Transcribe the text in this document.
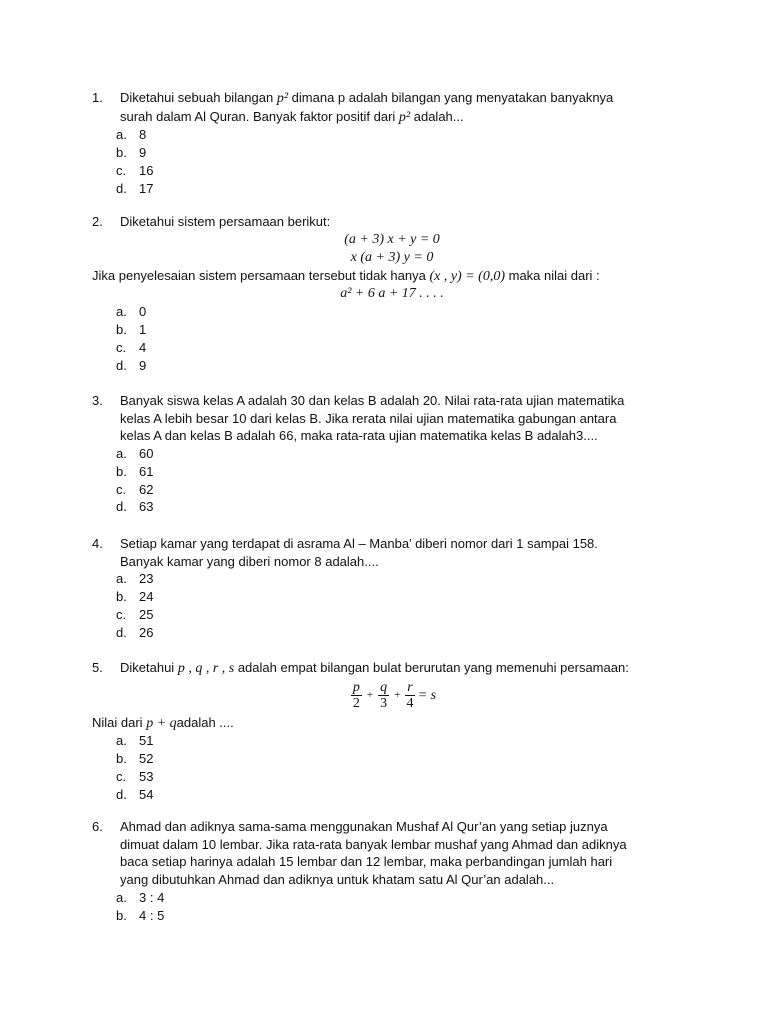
1.	Diketahui sebuah bilangan p² dimana p adalah bilangan yang menyatakan banyaknya
surah dalam Al Quran. Banyak faktor positif dari p² adalah...
a. 8
b. 9
c. 16
d. 17
2.	Diketahui sistem persamaan berikut:
(a + 3) x + y = 0
x (a + 3) y = 0
Jika penyelesaian sistem persamaan tersebut tidak hanya (x , y) = (0,0) maka nilai dari :
a² + 6 a + 17 . . . .
a. 0
b. 1
c. 4
d. 9
3.	Banyak siswa kelas A adalah 30 dan kelas B adalah 20. Nilai rata-rata ujian matematika
kelas A lebih besar 10 dari kelas B. Jika rerata nilai ujian matematika gabungan antara
kelas A dan kelas B adalah 66, maka rata-rata ujian matematika kelas B adalah3....
a. 60
b. 61
c. 62
d. 63
4.	Setiap kamar yang terdapat di asrama Al – Manba’ diberi nomor dari 1 sampai 158.
Banyak kamar yang diberi nomor 8 adalah....
a. 23
b. 24
c. 25
d. 26
5.	Diketahui p , q , r , s adalah empat bilangan bulat berurutan yang memenuhi persamaan:
$\frac{p}{2} + \frac{q}{3} + \frac{r}{4} = s$
Nilai dari p + qadalah ....
a. 51
b. 52
c. 53
d. 54
6.	Ahmad dan adiknya sama-sama menggunakan Mushaf Al Qur’an yang setiap juznya
dimuat dalam 10 lembar. Jika rata-rata banyak lembar mushaf yang Ahmad dan adiknya
baca setiap harinya adalah 15 lembar dan 12 lembar, maka perbandingan jumlah hari
yang dibutuhkan Ahmad dan adiknya untuk khatam satu Al Qur’an adalah...
a. 3 : 4
b. 4 : 5
